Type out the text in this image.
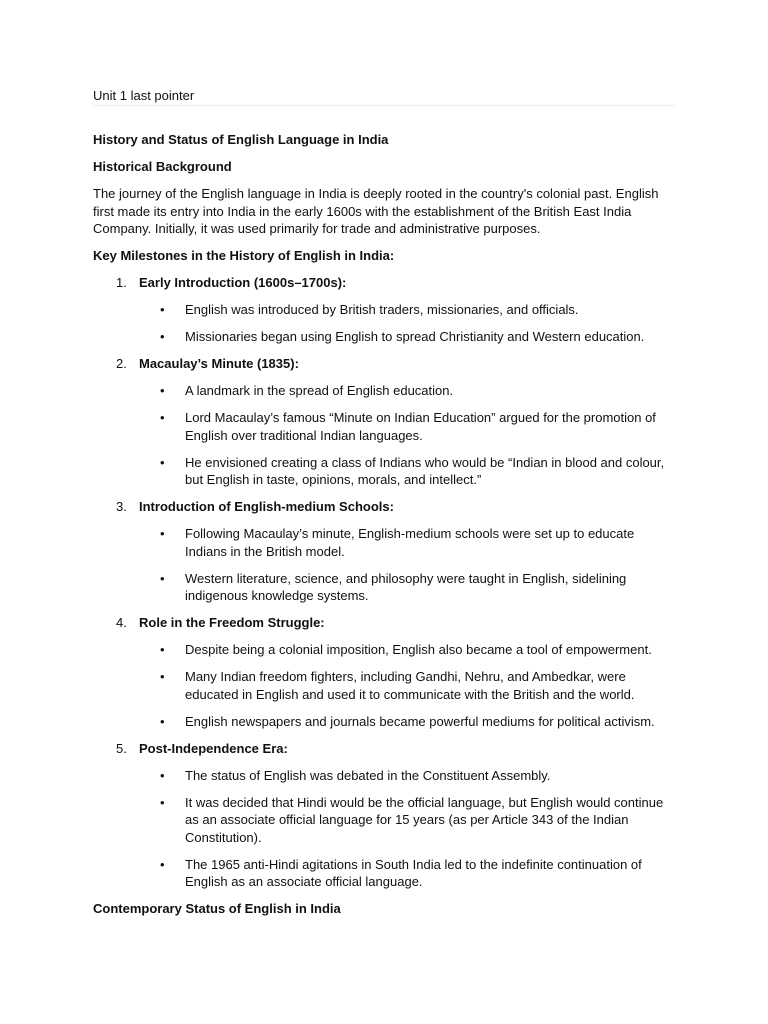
Unit 1 last pointer

History and Status of English Language in India

Historical Background

The journey of the English language in India is deeply rooted in the country's colonial past. English first made its entry into India in the early 1600s with the establishment of the British East India Company. Initially, it was used primarily for trade and administrative purposes.

Key Milestones in the History of English in India:

1. Early Introduction (1600s–1700s):
• English was introduced by British traders, missionaries, and officials.
• Missionaries began using English to spread Christianity and Western education.
2. Macaulay’s Minute (1835):
• A landmark in the spread of English education.
• Lord Macaulay’s famous “Minute on Indian Education” argued for the promotion of English over traditional Indian languages.
• He envisioned creating a class of Indians who would be “Indian in blood and colour, but English in taste, opinions, morals, and intellect.”
3. Introduction of English-medium Schools:
• Following Macaulay’s minute, English-medium schools were set up to educate Indians in the British model.
• Western literature, science, and philosophy were taught in English, sidelining indigenous knowledge systems.
4. Role in the Freedom Struggle:
• Despite being a colonial imposition, English also became a tool of empowerment.
• Many Indian freedom fighters, including Gandhi, Nehru, and Ambedkar, were educated in English and used it to communicate with the British and the world.
• English newspapers and journals became powerful mediums for political activism.
5. Post-Independence Era:
• The status of English was debated in the Constituent Assembly.
• It was decided that Hindi would be the official language, but English would continue as an associate official language for 15 years (as per Article 343 of the Indian Constitution).
• The 1965 anti-Hindi agitations in South India led to the indefinite continuation of English as an associate official language.

Contemporary Status of English in India
